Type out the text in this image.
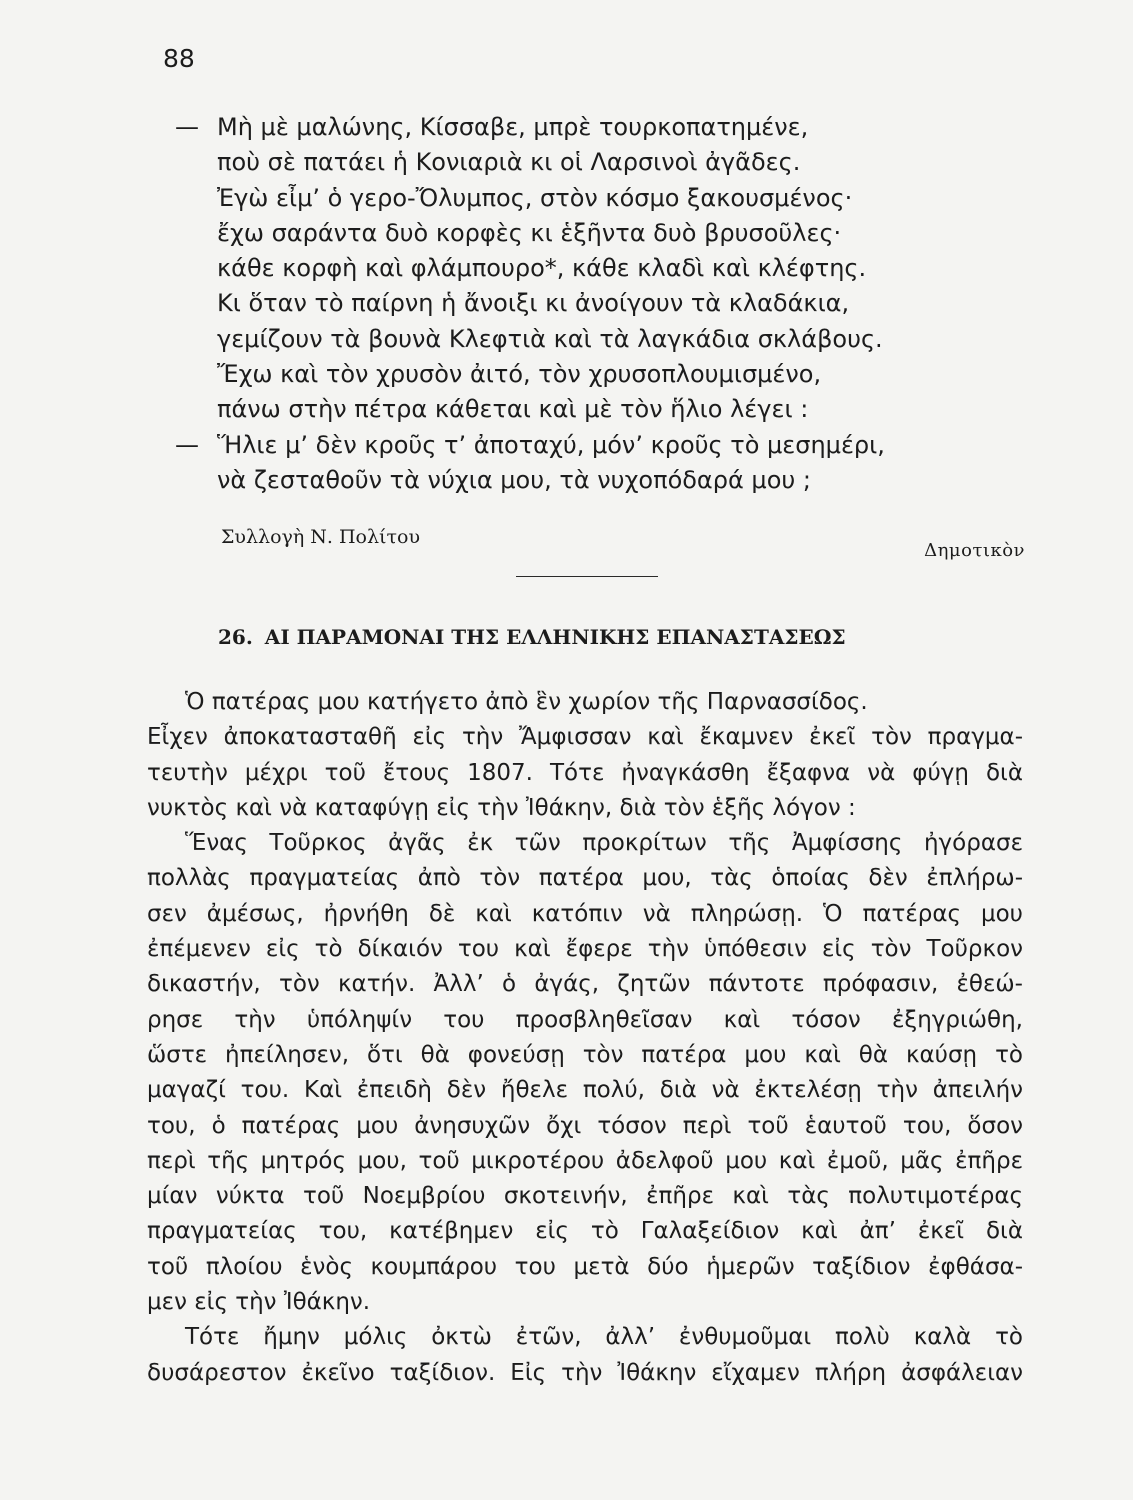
88
— Μὴ μὲ μαλώνης, Κίσσαβε, μπρὲ τουρκοπατημένε,
ποὺ σὲ πατάει ἡ Κονιαριὰ κι οἱ Λαρσινοὶ ἀγᾶδες.
Ἐγὼ εἶμ’ ὁ γερο-Ὄλυμπος, στὸν κόσμο ξακουσμένος·
ἔχω σαράντα δυὸ κορφὲς κι ἑξῆντα δυὸ βρυσοῦλες·
κάθε κορφὴ καὶ φλάμπουρο*, κάθε κλαδὶ καὶ κλέφτης.
Κι ὅταν τὸ παίρνη ἡ ἄνοιξι κι ἀνοίγουν τὰ κλαδάκια,
γεμίζουν τὰ βουνὰ Κλεφτιὰ καὶ τὰ λαγκάδια σκλάβους.
Ἔχω καὶ τὸν χρυσὸν ἀιτό, τὸν χρυσοπλουμισμένο,
πάνω στὴν πέτρα κάθεται καὶ μὲ τὸν ἥλιο λέγει :
— Ἥλιε μ’ δὲν κροῦς τ’ ἀποταχύ, μόν’ κροῦς τὸ μεσημέρι,
νὰ ζεσταθοῦν τὰ νύχια μου, τὰ νυχοπόδαρά μου ;
Συλλογὴ Ν. Πολίτου
Δημοτικὸν
26. ΑΙ ΠΑΡΑΜΟΝΑΙ ΤΗΣ ΕΛΛΗΝΙΚΗΣ ΕΠΑΝΑΣΤΑΣΕΩΣ
Ὁ πατέρας μου κατήγετο ἀπὸ ἓν χωρίον τῆς Παρνασσίδος.
Εἶχεν ἀποκατασταθῆ εἰς τὴν Ἄμφισσαν καὶ ἔκαμνεν ἐκεῖ τὸν πραγμα-
τευτὴν μέχρι τοῦ ἔτους 1807. Τότε ἠναγκάσθη ἔξαφνα νὰ φύγῃ διὰ
νυκτὸς καὶ νὰ καταφύγῃ εἰς τὴν Ἰθάκην, διὰ τὸν ἑξῆς λόγον :
Ἕνας Τοῦρκος ἀγᾶς ἐκ τῶν προκρίτων τῆς Ἀμφίσσης ἠγόρασε
πολλὰς πραγματείας ἀπὸ τὸν πατέρα μου, τὰς ὁποίας δὲν ἐπλήρω-
σεν ἀμέσως, ἠρνήθη δὲ καὶ κατόπιν νὰ πληρώσῃ. Ὁ πατέρας μου
ἐπέμενεν εἰς τὸ δίκαιόν του καὶ ἔφερε τὴν ὑπόθεσιν εἰς τὸν Τοῦρκον
δικαστήν, τὸν κατήν. Ἀλλ’ ὁ ἀγάς, ζητῶν πάντοτε πρόφασιν, ἐθεώ-
ρησε τὴν ὑπόληψίν του προσβληθεῖσαν καὶ τόσον ἐξηγριώθη,
ὥστε ἠπείλησεν, ὅτι θὰ φονεύσῃ τὸν πατέρα μου καὶ θὰ καύσῃ τὸ
μαγαζί του. Καὶ ἐπειδὴ δὲν ἤθελε πολύ, διὰ νὰ ἐκτελέσῃ τὴν ἀπειλήν
του, ὁ πατέρας μου ἀνησυχῶν ὄχι τόσον περὶ τοῦ ἑαυτοῦ του, ὅσον
περὶ τῆς μητρός μου, τοῦ μικροτέρου ἀδελφοῦ μου καὶ ἐμοῦ, μᾶς ἐπῆρε
μίαν νύκτα τοῦ Νοεμβρίου σκοτεινήν, ἐπῆρε καὶ τὰς πολυτιμοτέρας
πραγματείας του, κατέβημεν εἰς τὸ Γαλαξείδιον καὶ ἀπ’ ἐκεῖ διὰ
τοῦ πλοίου ἑνὸς κουμπάρου του μετὰ δύο ἡμερῶν ταξίδιον ἐφθάσα-
μεν εἰς τὴν Ἰθάκην.
Τότε ἤμην μόλις ὀκτὼ ἐτῶν, ἀλλ’ ἐνθυμοῦμαι πολὺ καλὰ τὸ
δυσάρεστον ἐκεῖνο ταξίδιον. Εἰς τὴν Ἰθάκην εἴχαμεν πλήρη ἀσφάλειαν
